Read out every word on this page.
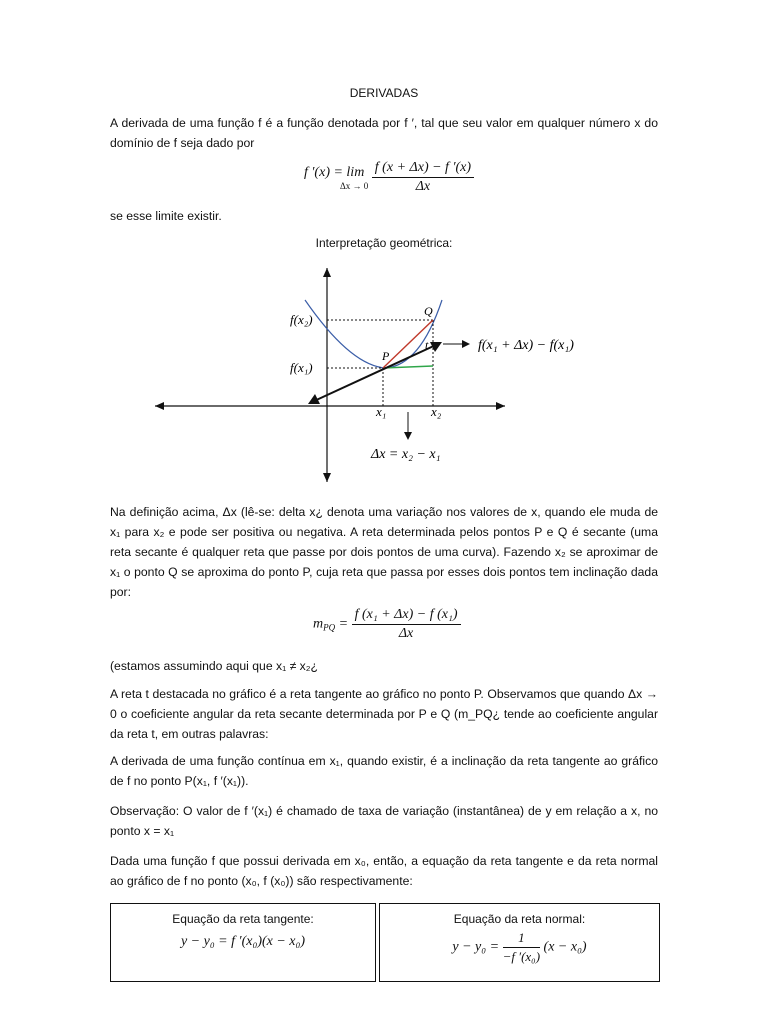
DERIVADAS
A derivada de uma função f é a função denotada por f ′, tal que seu valor em qualquer número x do domínio de f seja dado por
f ′(x) = lim
Δx → 0
$\frac{f (x + \Delta x) - f '(x)}{\Delta x}$
se esse limite existir.
Interpretação geométrica:
f(x₂)
f(x₁)
Q
P
t
x₁	x₂
f(x₁ + Δx) − f(x₁)
Δx = x₂ − x₁
Na definição acima, Δx (lê-se: delta x¿ denota uma variação nos valores de x, quando ele muda de x₁ para x₂ e pode ser positiva ou negativa. A reta determinada pelos pontos P e Q é secante (uma reta secante é qualquer reta que passe por dois pontos de uma curva). Fazendo x₂ se aproximar de x₁ o ponto Q se aproxima do ponto P, cuja reta que passa por esses dois pontos tem inclinação dada por:
$m_{PQ} = \frac{\text{f (x₁ + Δx) − f (x₁)}}{\Delta x}$
(estamos assumindo aqui que x₁ ≠ x₂¿
A reta t destacada no gráfico é a reta tangente ao gráfico no ponto P. Observamos que quando Δx → 0 o coeficiente angular da reta secante determinada por P e Q (m_PQ¿ tende ao coeficiente angular da reta t, em outras palavras:
A derivada de uma função contínua em x₁, quando existir, é a inclinação da reta tangente ao gráfico de f no ponto P(x₁, f ′(x₁)).
Observação: O valor de f ′(x₁) é chamado de taxa de variação (instantânea) de y em relação a x, no ponto x = x₁
Dada uma função f que possui derivada em x₀, então, a equação da reta tangente e da reta normal ao gráfico de f no ponto (x₀, f (x₀)) são respectivamente:
Equação da reta tangente:
y − y₀ = f ′(x₀)(x − x₀)
Equação da reta normal:
$y - y_0 = \frac{1}{\text{−f ′(x₀)}} (x - x_0)$
